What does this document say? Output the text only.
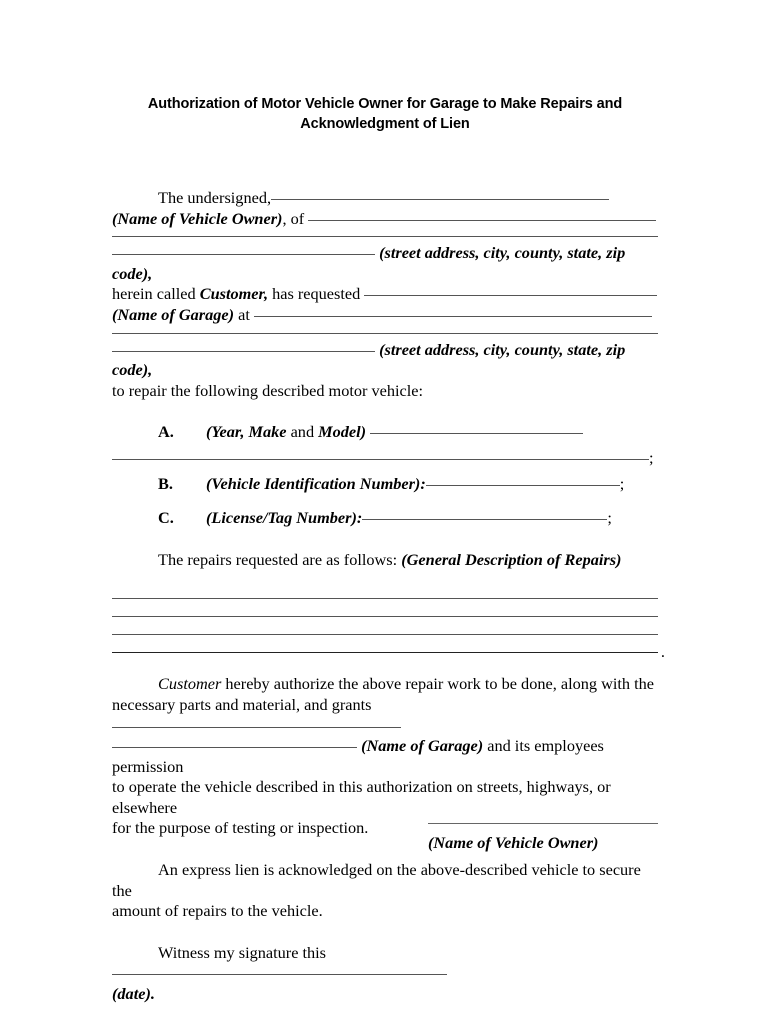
Authorization of Motor Vehicle Owner for Garage to Make Repairs and
Acknowledgment of Lien
The undersigned,
(Name of Vehicle Owner), of
(street address, city, county, state, zip code),
herein called Customer, has requested
(Name of Garage) at
(street address, city, county, state, zip code),
to repair the following described motor vehicle:
A. (Year, Make and Model)
;
B. (Vehicle Identification Number):	;
C. (License/Tag Number):	;
The repairs requested are as follows: (General Description of Repairs)
.
Customer hereby authorize the above repair work to be done, along with the
necessary parts and material, and grants
(Name of Garage) and its employees permission
to operate the vehicle described in this authorization on streets, highways, or elsewhere
for the purpose of testing or inspection.
An express lien is acknowledged on the above-described vehicle to secure the
amount of repairs to the vehicle.
Witness my signature this
(date).
(Name of Vehicle Owner)
